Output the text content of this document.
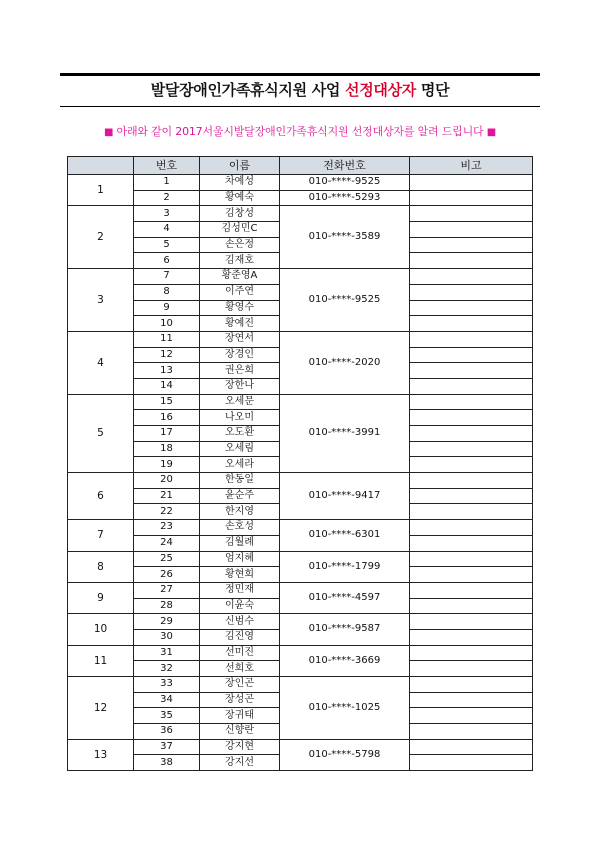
발달장애인가족휴식지원 사업 선정대상자 명단
■ 아래와 같이 2017서울시발달장애인가족휴식지원 선정대상자를 알려 드립니다 ■
	번호	이름	전화번호	비고
1	1	차예성	010-****-9525	
	2	황예숙	010-****-5293	
2	3	김창성	010-****-3589	
	4	김성민C		
	5	손은정		
	6	김재호		
3	7	황준영A	010-****-9525	
	8	이주연		
	9	황영수		
	10	황예진		
4	11	장연서	010-****-2020	
	12	장경인		
	13	권은희		
	14	장한나		
5	15	오세문	010-****-3991	
	16	나오미		
	17	오도환		
	18	오세림		
	19	오세라		
6	20	한동일	010-****-9417	
	21	윤순주		
	22	한지영		
7	23	손호성	010-****-6301	
	24	김월례		
8	25	엄지혜	010-****-1799	
	26	황현희		
9	27	정민재	010-****-4597	
	28	이윤숙		
10	29	신범수	010-****-9587	
	30	김진영		
11	31	선미진	010-****-3669	
	32	선희호		
12	33	장인곤	010-****-1025	
	34	장성곤		
	35	장귀태		
	36	신향란		
13	37	강지현	010-****-5798	
	38	강지선		
